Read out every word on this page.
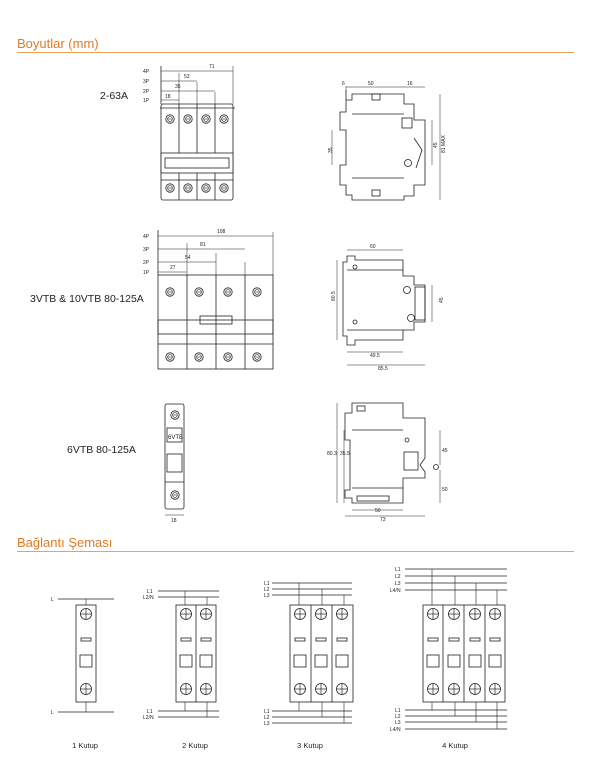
Boyutlar (mm)
2-63A
3VTB & 10VTB 80-125A
6VTB 80-125A
Bağlantı Şeması
4P
3P
2P
1P
71
53
35
18
6	50	16
35
45 81 MAX
4P
3P
2P
1P
108
81
54
27
60
80.5	45
49.5
85.5
6VTB
18
80.3 35.5	45
50
50
73
L
L
L1
L2/N
L1
L2/N
L1
L2
L3
L1
L2
L3
L1
L2
L3
L4/N
L1
L2
L3
L4/N
1 Kutup	2 Kutup	3 Kutup	4 Kutup
